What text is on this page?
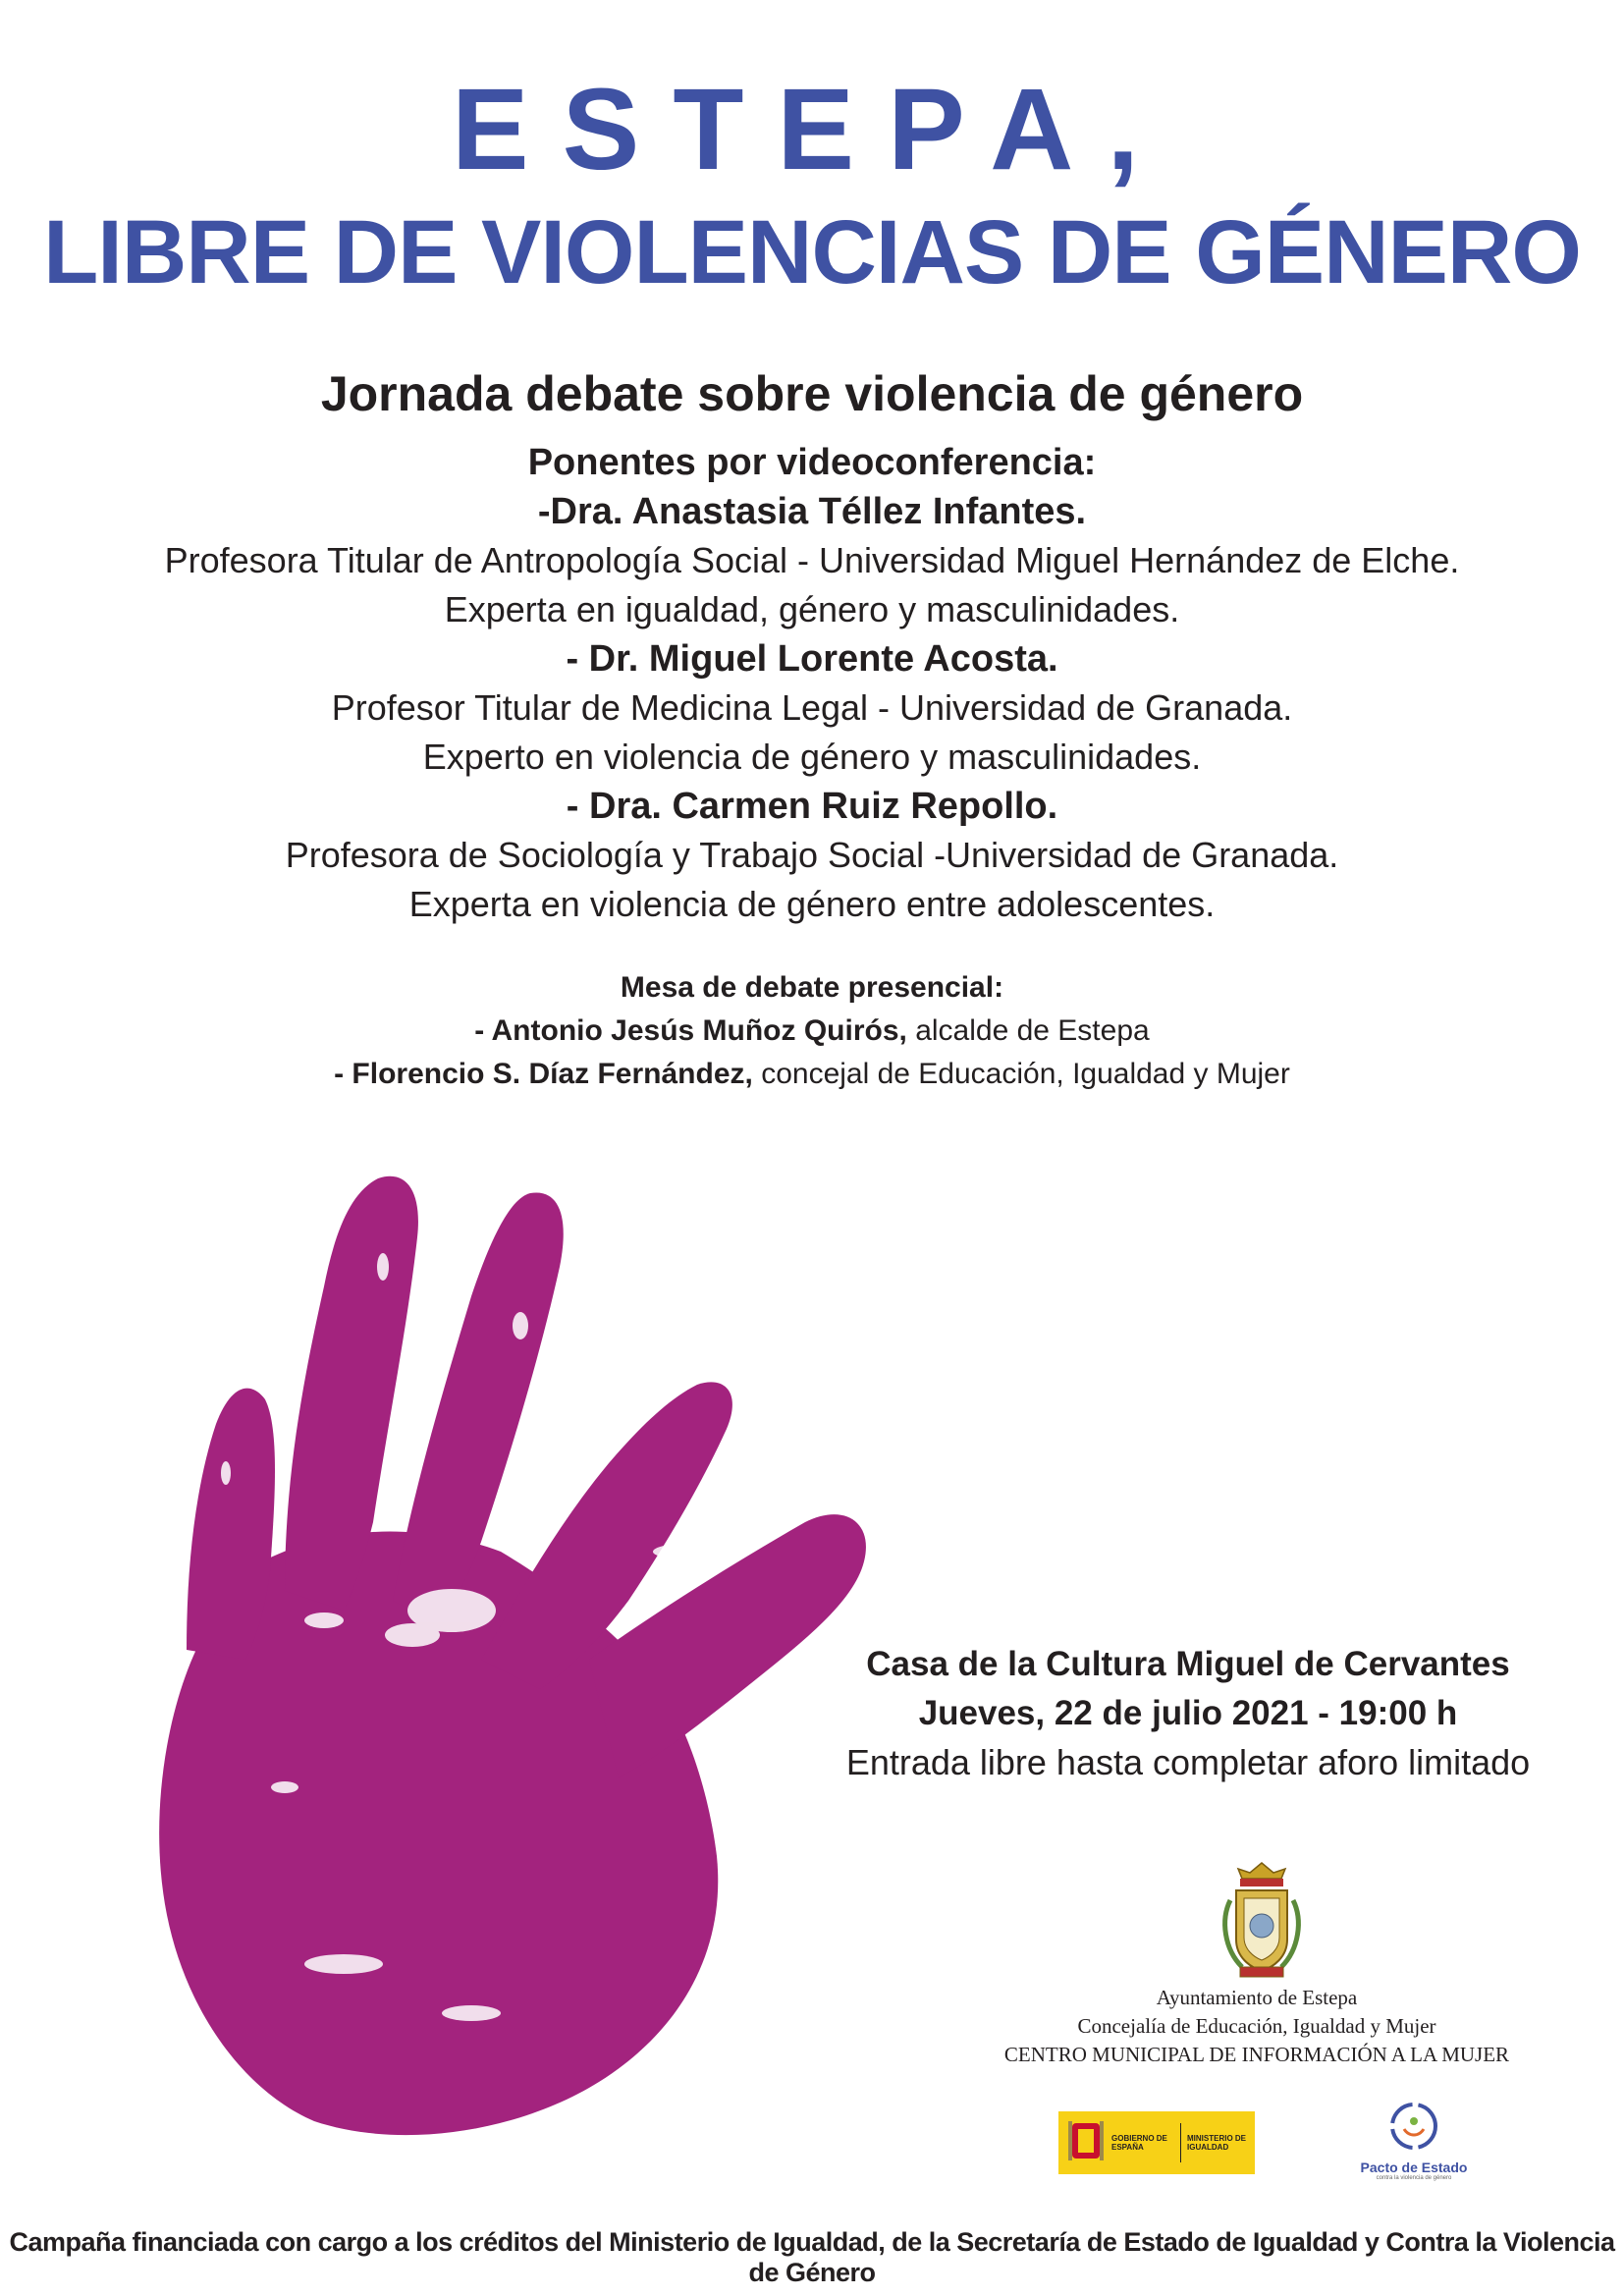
ESTEPA,
LIBRE DE VIOLENCIAS DE GÉNERO
Jornada debate sobre violencia de género
Ponentes por videoconferencia:
-Dra. Anastasia Téllez Infantes.
Profesora Titular de Antropología Social - Universidad Miguel Hernández de Elche.
Experta en igualdad, género y masculinidades.
- Dr. Miguel Lorente Acosta.
Profesor Titular de Medicina Legal - Universidad de Granada.
Experto en violencia de género y masculinidades.
- Dra. Carmen Ruiz Repollo.
Profesora de Sociología y Trabajo Social -Universidad de Granada.
Experta en violencia de género entre adolescentes.
Mesa de debate presencial:
- Antonio Jesús Muñoz Quirós, alcalde de Estepa
- Florencio S. Díaz Fernández, concejal de Educación, Igualdad y Mujer
Casa de la Cultura Miguel de Cervantes
Jueves, 22 de julio 2021 - 19:00 h
Entrada libre hasta completar aforo limitado
Ayuntamiento de Estepa
Concejalía de Educación, Igualdad y Mujer
CENTRO MUNICIPAL DE INFORMACIÓN A LA MUJER
GOBIERNO DE ESPAÑA
MINISTERIO DE IGUALDAD
Pacto de Estado
contra la violencia de género
Campaña financiada con cargo a los créditos del Ministerio de Igualdad, de la Secretaría de Estado de Igualdad y Contra la Violencia de Género
